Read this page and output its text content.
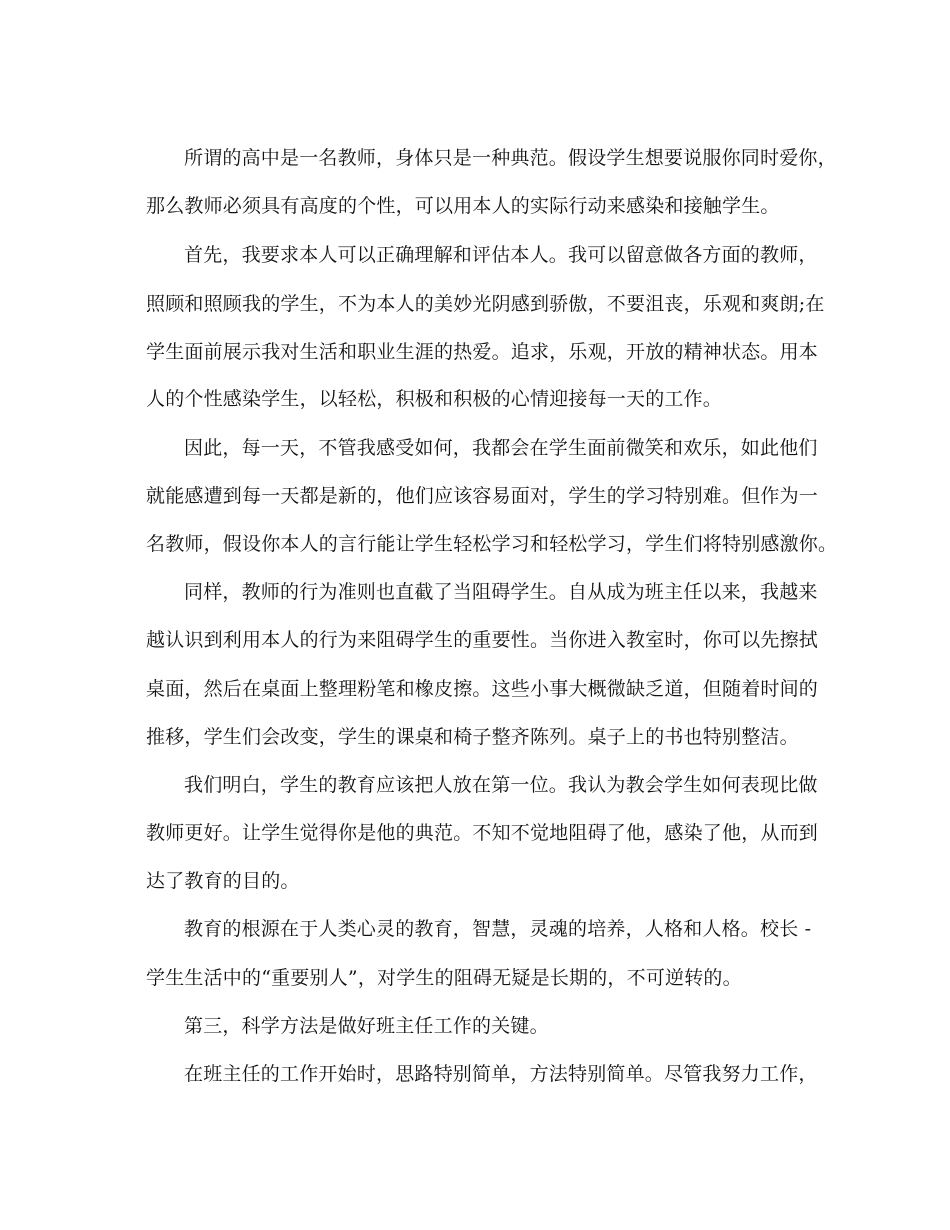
所谓的高中是一名教师，身体只是一种典范。假设学生想要说服你同时爱你，
那么教师必须具有高度的个性，可以用本人的实际行动来感染和接触学生。
首先，我要求本人可以正确理解和评估本人。我可以留意做各方面的教师，
照顾和照顾我的学生，不为本人的美妙光阴感到骄傲，不要沮丧，乐观和爽朗;在
学生面前展示我对生活和职业生涯的热爱。追求，乐观，开放的精神状态。用本
人的个性感染学生，以轻松，积极和积极的心情迎接每一天的工作。
因此，每一天，不管我感受如何，我都会在学生面前微笑和欢乐，如此他们
就能感遭到每一天都是新的，他们应该容易面对，学生的学习特别难。但作为一
名教师，假设你本人的言行能让学生轻松学习和轻松学习，学生们将特别感激你。
同样，教师的行为准则也直截了当阻碍学生。自从成为班主任以来，我越来
越认识到利用本人的行为来阻碍学生的重要性。当你进入教室时，你可以先擦拭
桌面，然后在桌面上整理粉笔和橡皮擦。这些小事大概微缺乏道，但随着时间的
推移，学生们会改变，学生的课桌和椅子整齐陈列。桌子上的书也特别整洁。
我们明白，学生的教育应该把人放在第一位。我认为教会学生如何表现比做
教师更好。让学生觉得你是他的典范。不知不觉地阻碍了他，感染了他，从而到
达了教育的目的。
教育的根源在于人类心灵的教育，智慧，灵魂的培养，人格和人格。校长 -
学生生活中的“重要别人”，对学生的阻碍无疑是长期的，不可逆转的。
第三，科学方法是做好班主任工作的关键。
在班主任的工作开始时，思路特别简单，方法特别简单。尽管我努力工作，
